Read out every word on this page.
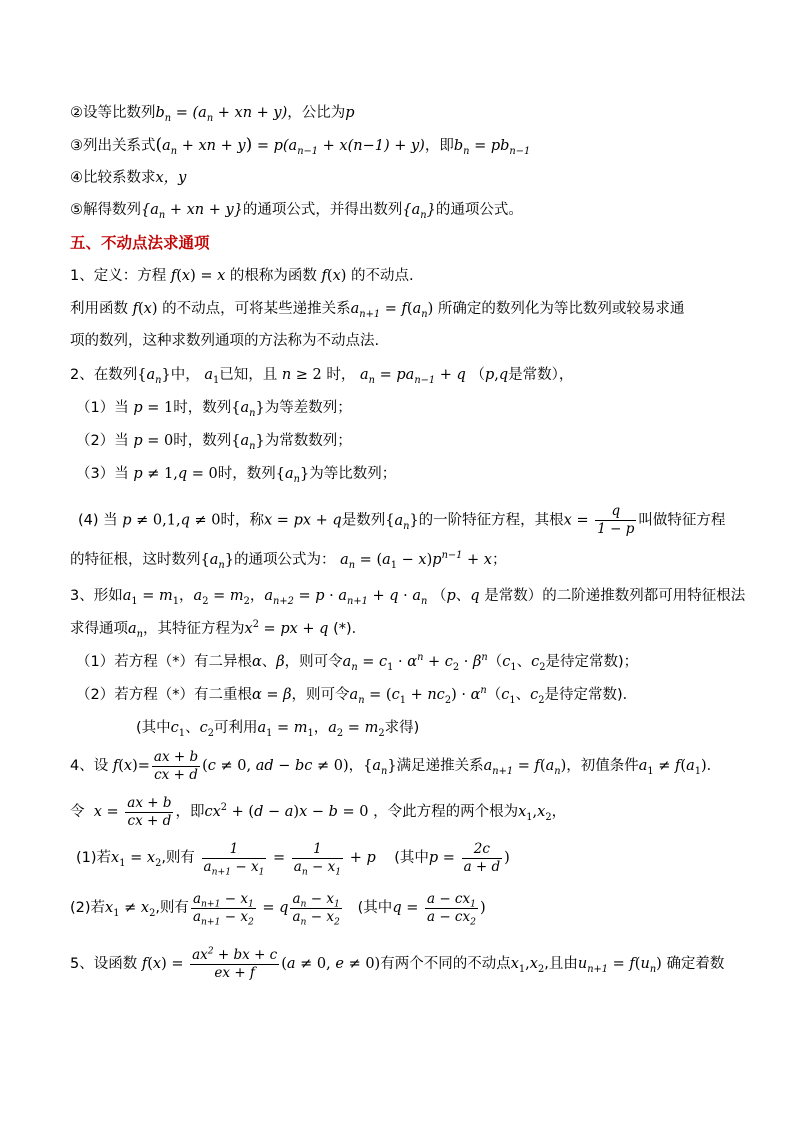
②设等比数列$b_n = (a_n$ + xn + y)，公比为p
③列出关系式($a_n$ + xn + $y) = p(a_{n-1} + x(n-1) + y)$，即$b_n = pb_{n-1}$
④比较系数求x，y
⑤解得数列{$a_n$ + xn + y}的通项公式，并得出数列$\{a_n\}$的通项公式。
五、不动点法求通项
1、定义：方程 f(x) = x 的根称为函数 f(x) 的不动点.
利用函数 f(x) 的不动点，可将某些递推关系$a_{n+1} = f(a_n)$ 所确定的数列化为等比数列或较易求通
项的数列，这种求数列通项的方法称为不动点法.
2、在数列$\{a_n\}$中， $a_1$已知，且 n ≥ 2 时， $a_n = pa_{n-1} + q$ （p,q是常数），
（1）当 p = 1时，数列$\{a_n\}$为等差数列；
（2）当 p = 0时，数列$\{a_n\}$为常数数列；
（3）当 p ≠ 1,q = 0时，数列$\{a_n\}$为等比数列；
(4) 当 p ≠ 0,1,q ≠ 0时，称x = px + q是数列$\{a_n\}$的一阶特征方程，其根$x = \frac{q}{1 - p}$ 叫做特征方程
的特征根，这时数列$\{a_n\}$的通项公式为： $a_n = (a_1 - x)p^{n-1} + x$；
3、形如$a_1 = m_1$，$a_2 = m_2$，$a_{n+2} = p \cdot a_{n+1} + q \cdot a_n$ （p、q 是常数）的二阶递推数列都可用特征根法
求得通项$a_n$，其特征方程为$x^2$ = px + q (*)．
（1）若方程（*）有二异根α、β，则可令$a_n = c_1 \cdot \alpha^n + c_2 \cdot \beta^n(c_1$、$c_2$是待定常数)；
（2）若方程（*）有二重根α = β，则可令$a_n = (c_1 + nc_2) \cdot \alpha^n(c_1$、$c_2$是待定常数)．
(其中$c_1$、$c_2$可利用$a_1 = m_1$，$a_2 = m_2$求得)
4、设 $f(x)= \frac{ax + b}{cx + d} (c \ne 0$, ad − bc ≠ 0)，$\{a_n\}$满足递推关系$a_{n+1} = f(a_n)$，初值条件$a_1 \ne f(a_1)$．
令 $x = \frac{ax + b}{cx + d}$ ，即$cx^2 + (d - a)x - b = 0$ ，令此方程的两个根为$x_1,x_2$，
(1)若$x_1 = x_2$,则有 $\frac{1}{a_{n+1} - x_1} = \frac{1}{a_n - x_1} + p$ (其中$p = \frac{2c}{a + d}$ )
(2)若$x_1 \ne x_2$,则有 $\frac{a_{n+1} - x_1}{a_{n+1} - x_2} = q \frac{a_n - x_1}{a_n - x_2}$ (其中$q = \frac{a - cx_1}{a - cx_2}$ )
5、设函数 $f(x) = \frac{ax^2 + bx + c}{ex + f} (a \ne 0$, e ≠ 0)有两个不同的不动点$x_1,x_2$,且由$u_{n+1} = f(u_n)$ 确定着数
